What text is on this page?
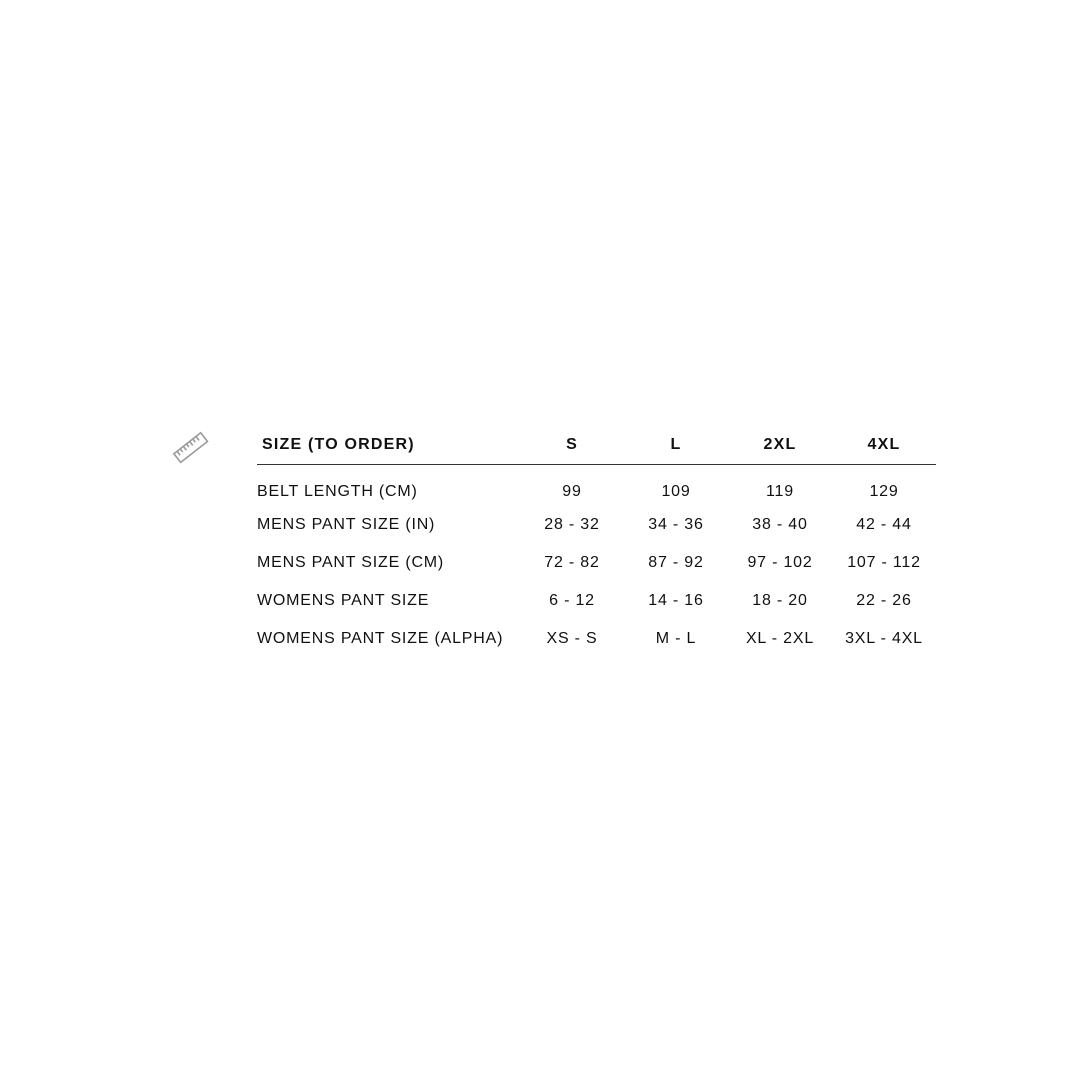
SIZE (TO ORDER)	S	L	2XL	4XL

BELT LENGTH (CM)	99	109	119	129
MENS PANT SIZE (IN)	28 - 32	34 - 36	38 - 40	42 - 44
MENS PANT SIZE (CM)	72 - 82	87 - 92	97 - 102	107 - 112
WOMENS PANT SIZE	6 - 12	14 - 16	18 - 20	22 - 26
WOMENS PANT SIZE (ALPHA)	XS - S	M - L	XL - 2XL	3XL - 4XL
